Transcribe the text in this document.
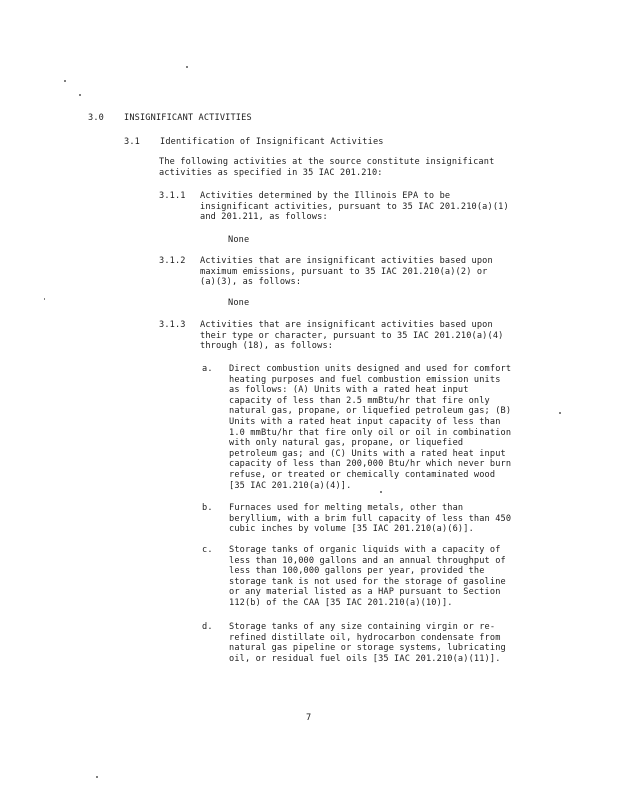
3.0 INSIGNIFICANT ACTIVITIES
3.1 Identification of Insignificant Activities
The following activities at the source constitute insignificant
activities as specified in 35 IAC 201.210:
3.1.1 Activities determined by the Illinois EPA to be
insignificant activities, pursuant to 35 IAC 201.210(a)(1)
and 201.211, as follows:
None
3.1.2 Activities that are insignificant activities based upon
maximum emissions, pursuant to 35 IAC 201.210(a)(2) or
(a)(3), as follows:
None
3.1.3 Activities that are insignificant activities based upon
their type or character, pursuant to 35 IAC 201.210(a)(4)
through (18), as follows:
a. Direct combustion units designed and used for comfort
heating purposes and fuel combustion emission units
as follows: (A) Units with a rated heat input
capacity of less than 2.5 mmBtu/hr that fire only
natural gas, propane, or liquefied petroleum gas; (B)
Units with a rated heat input capacity of less than
1.0 mmBtu/hr that fire only oil or oil in combination
with only natural gas, propane, or liquefied
petroleum gas; and (C) Units with a rated heat input
capacity of less than 200,000 Btu/hr which never burn
refuse, or treated or chemically contaminated wood
[35 IAC 201.210(a)(4)].
b. Furnaces used for melting metals, other than
beryllium, with a brim full capacity of less than 450
cubic inches by volume [35 IAC 201.210(a)(6)].
c. Storage tanks of organic liquids with a capacity of
less than 10,000 gallons and an annual throughput of
less than 100,000 gallons per year, provided the
storage tank is not used for the storage of gasoline
or any material listed as a HAP pursuant to Section
112(b) of the CAA [35 IAC 201.210(a)(10)].
d. Storage tanks of any size containing virgin or re-
refined distillate oil, hydrocarbon condensate from
natural gas pipeline or storage systems, lubricating
oil, or residual fuel oils [35 IAC 201.210(a)(11)].
7
